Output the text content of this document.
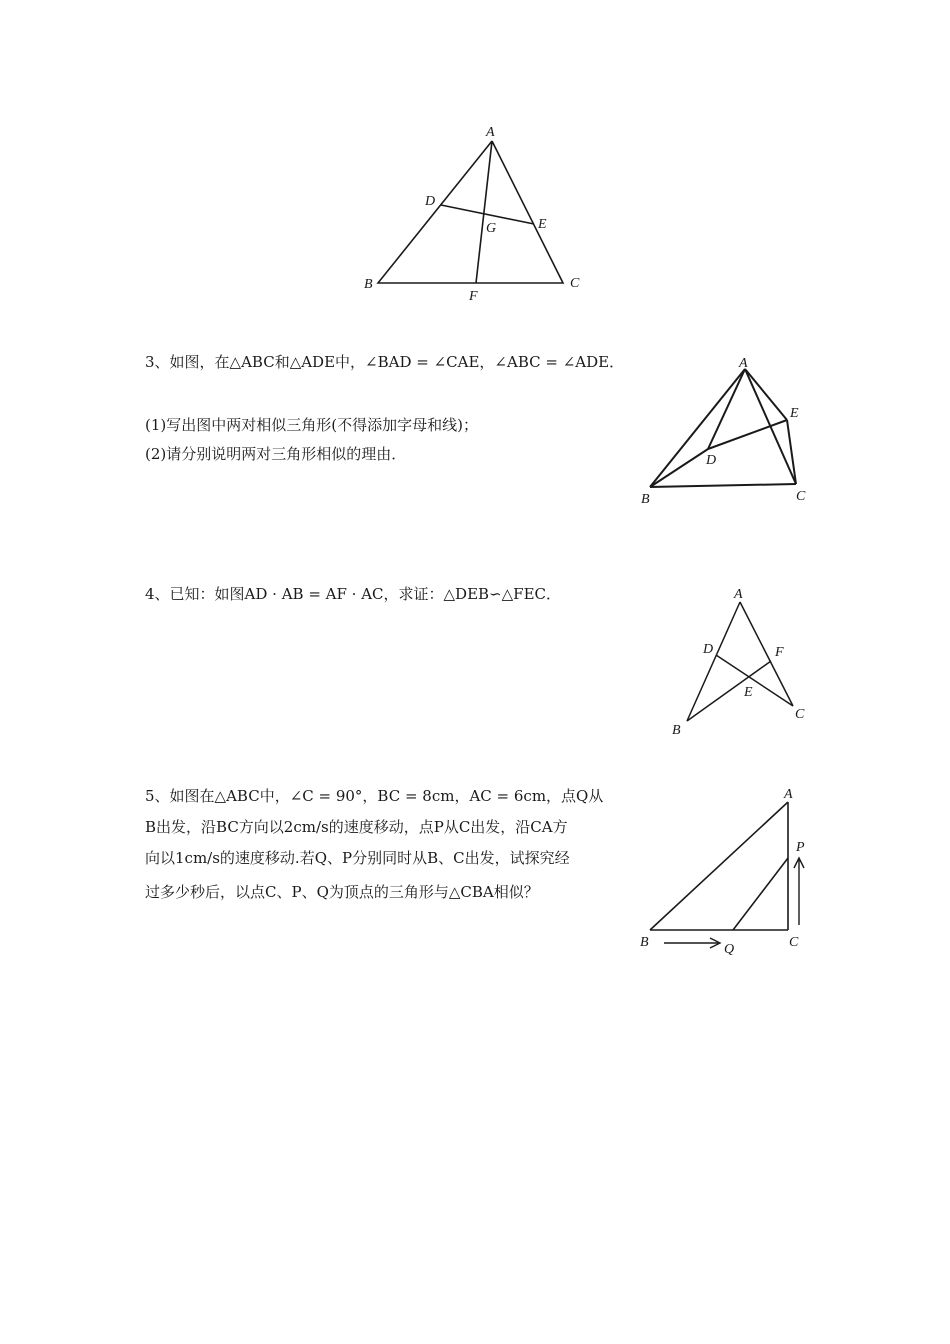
A
B	C
D
E
F
G
3、如图，在△ABC和△ADE中，∠BAD = ∠CAE，∠ABC = ∠ADE．
(1)写出图中两对相似三角形(不得添加字母和线)；
(2)请分别说明两对三角形相似的理由．
A
B	C
D
E
4、已知：如图AD · AB = AF · AC，求证：△DEB∽△FEC．	A
B
C
D
E
F
5、如图在△ABC中，∠C = 90°，BC = 8cm，AC = 6cm，点Q从
B出发，沿BC方向以2cm/s的速度移动，点P从C出发，沿CA方
向以1cm/s的速度移动.若Q、P分别同时从B、C出发，试探究经
过多少秒后，以点C、P、Q为顶点的三角形与△CBA相似？
A
B	C
P
Q
